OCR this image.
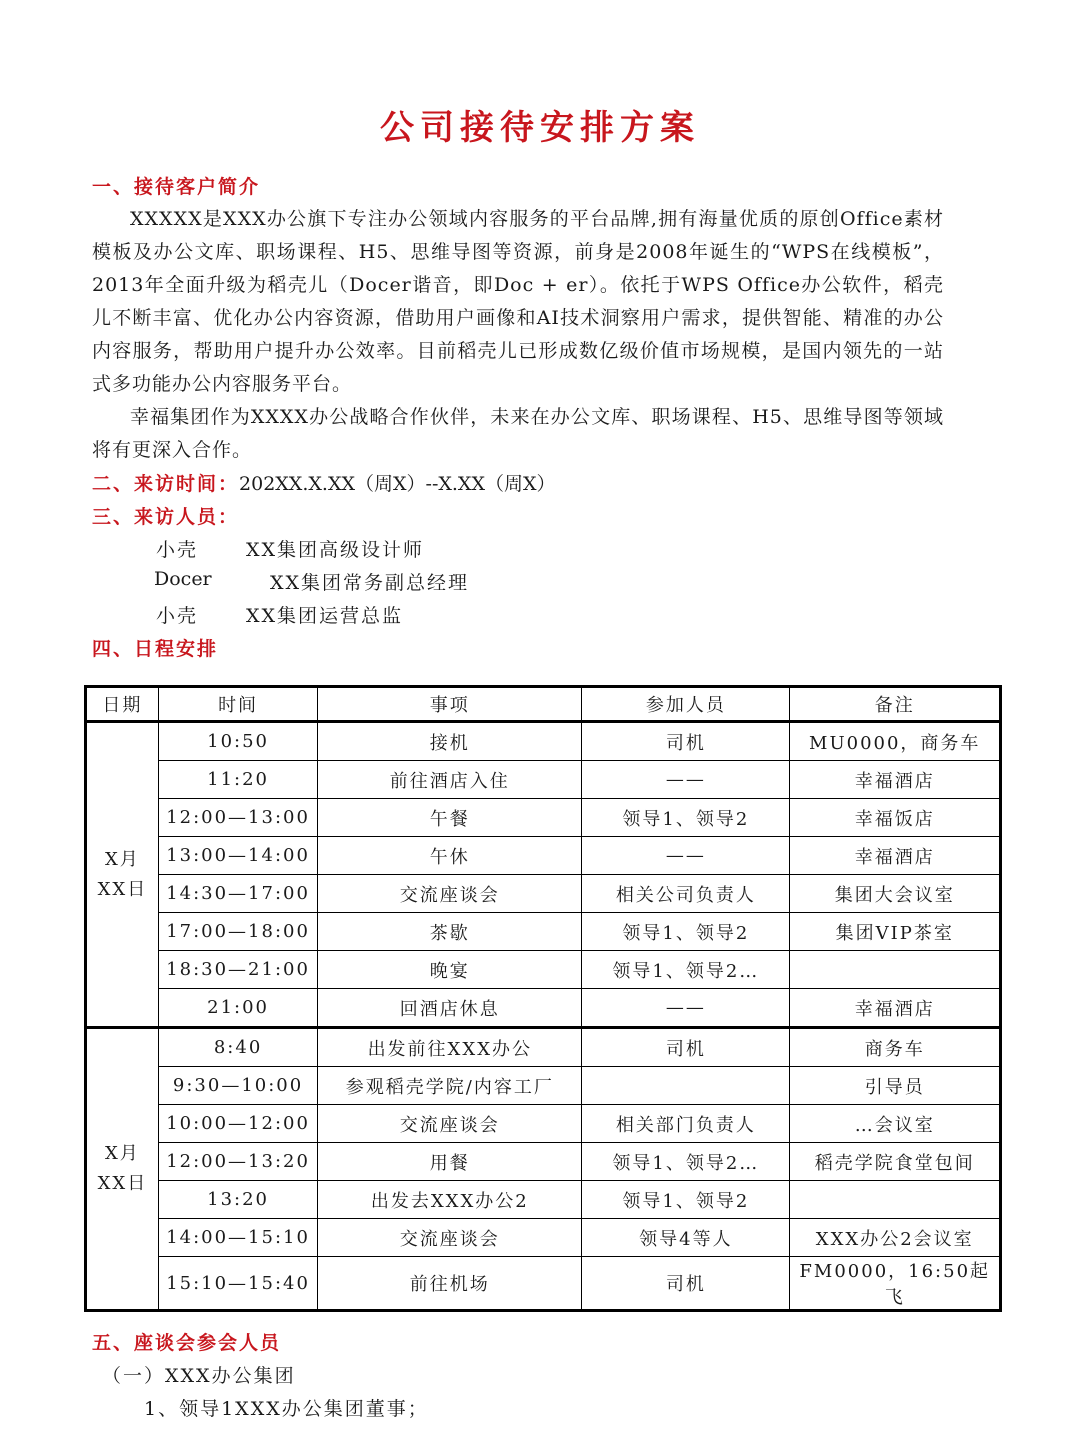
公司接待安排方案
一、接待客户简介
XXXXX是XXX办公旗下专注办公领域内容服务的平台品牌,拥有海量优质的原创Office素材模板及办公文库、职场课程、H5、思维导图等资源，前身是2008年诞生的“WPS在线模板”，2013年全面升级为稻壳儿（Docer谐音，即Doc + er）。依托于WPS Office办公软件，稻壳儿不断丰富、优化办公内容资源，借助用户画像和AI技术洞察用户需求，提供智能、精准的办公内容服务，帮助用户提升办公效率。目前稻壳儿已形成数亿级价值市场规模，是国内领先的一站式多功能办公内容服务平台。
幸福集团作为XXXX办公战略合作伙伴，未来在办公文库、职场课程、H5、思维导图等领域将有更深入合作。
二、来访时间：202XX.X.XX（周X）--X.XX（周X）
三、来访人员：
小壳	XX集团高级设计师
Docer	XX集团常务副总经理
小壳	XX集团运营总监
四、日程安排
日期	时间	事项	参加人员	备注

X月
XX日	10:50	接机	司机	MU0000，商务车
	11:20	前往酒店入住	——	幸福酒店
	12:00—13:00	午餐	领导1、领导2	幸福饭店
	13:00—14:00	午休	——	幸福酒店
	14:30—17:00	交流座谈会	相关公司负责人	集团大会议室
	17:00—18:00	茶歇	领导1、领导2	集团VIP茶室
	18:30—21:00	晚宴	领导1、领导2…	
	21:00	回酒店休息	——	幸福酒店

X月
XX日	8:40	出发前往XXX办公	司机	商务车
	9:30—10:00	参观稻壳学院/内容工厂		引导员
	10:00—12:00	交流座谈会	相关部门负责人	…会议室
	12:00—13:20	用餐	领导1、领导2…	稻壳学院食堂包间
	13:20	出发去XXX办公2	领导1、领导2	
	14:00—15:10	交流座谈会	领导4等人	XXX办公2会议室
	15:10—15:40	前往机场	司机	FM0000，16:50起飞
五、座谈会参会人员
（一）XXX办公集团
1、领导1XXX办公集团董事；
